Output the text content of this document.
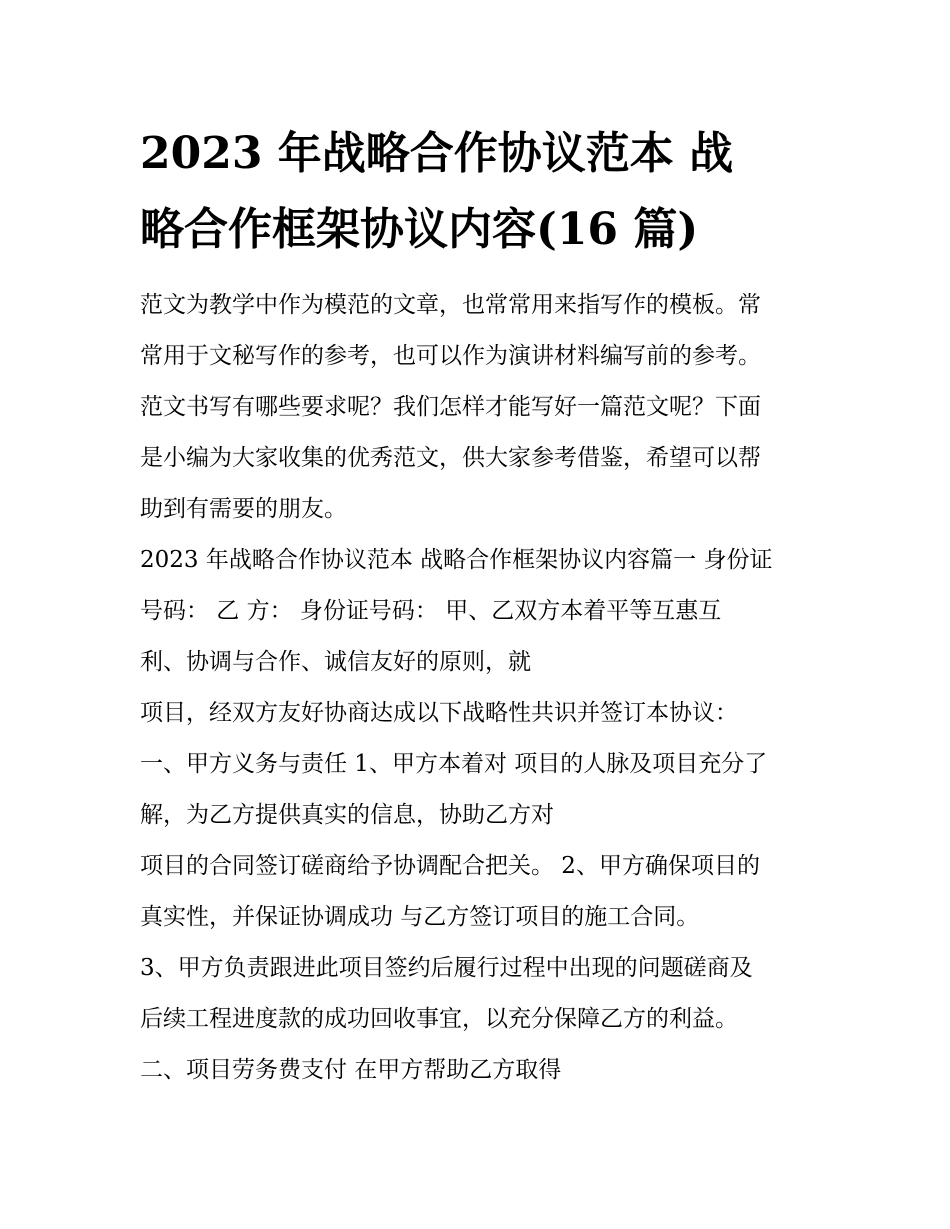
2023 年战略合作协议范本 战
略合作框架协议内容(16 篇)
范文为教学中作为模范的文章，也常常用来指写作的模板。常
常用于文秘写作的参考，也可以作为演讲材料编写前的参考。
范文书写有哪些要求呢？我们怎样才能写好一篇范文呢？下面
是小编为大家收集的优秀范文，供大家参考借鉴，希望可以帮
助到有需要的朋友。
2023 年战略合作协议范本 战略合作框架协议内容篇一 身份证
号码： 乙 方： 身份证号码： 甲、乙双方本着平等互惠互
利、协调与合作、诚信友好的原则，就
项目，经双方友好协商达成以下战略性共识并签订本协议：
一、甲方义务与责任 1、甲方本着对 项目的人脉及项目充分了
解，为乙方提供真实的信息，协助乙方对
项目的合同签订磋商给予协调配合把关。 2、甲方确保项目的
真实性，并保证协调成功 与乙方签订项目的施工合同。
3、甲方负责跟进此项目签约后履行过程中出现的问题磋商及
后续工程进度款的成功回收事宜，以充分保障乙方的利益。
二、项目劳务费支付 在甲方帮助乙方取得
